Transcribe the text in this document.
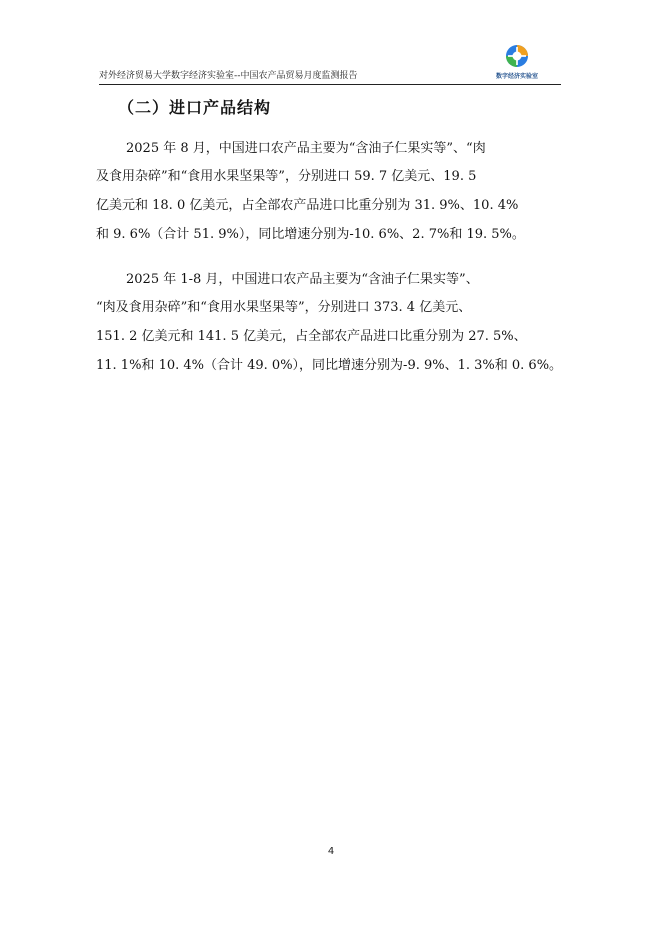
对外经济贸易大学数字经济实验室--中国农产品贸易月度监测报告	数字经济实验室
（二）进口产品结构
2025 年 8 月，中国进口农产品主要为“含油子仁果实等”、“肉
及食用杂碎”和“食用水果坚果等”，分别进口 59. 7 亿美元、19. 5
亿美元和 18. 0 亿美元，占全部农产品进口比重分别为 31. 9%、10. 4%
和 9. 6%（合计 51. 9%），同比增速分别为-10. 6%、2. 7%和 19. 5%。
2025 年 1-8 月，中国进口农产品主要为“含油子仁果实等”、
“肉及食用杂碎”和“食用水果坚果等”，分别进口 373. 4 亿美元、
151. 2 亿美元和 141. 5 亿美元，占全部农产品进口比重分别为 27. 5%、
11. 1%和 10. 4%（合计 49. 0%），同比增速分别为-9. 9%、1. 3%和 0. 6%。
4
